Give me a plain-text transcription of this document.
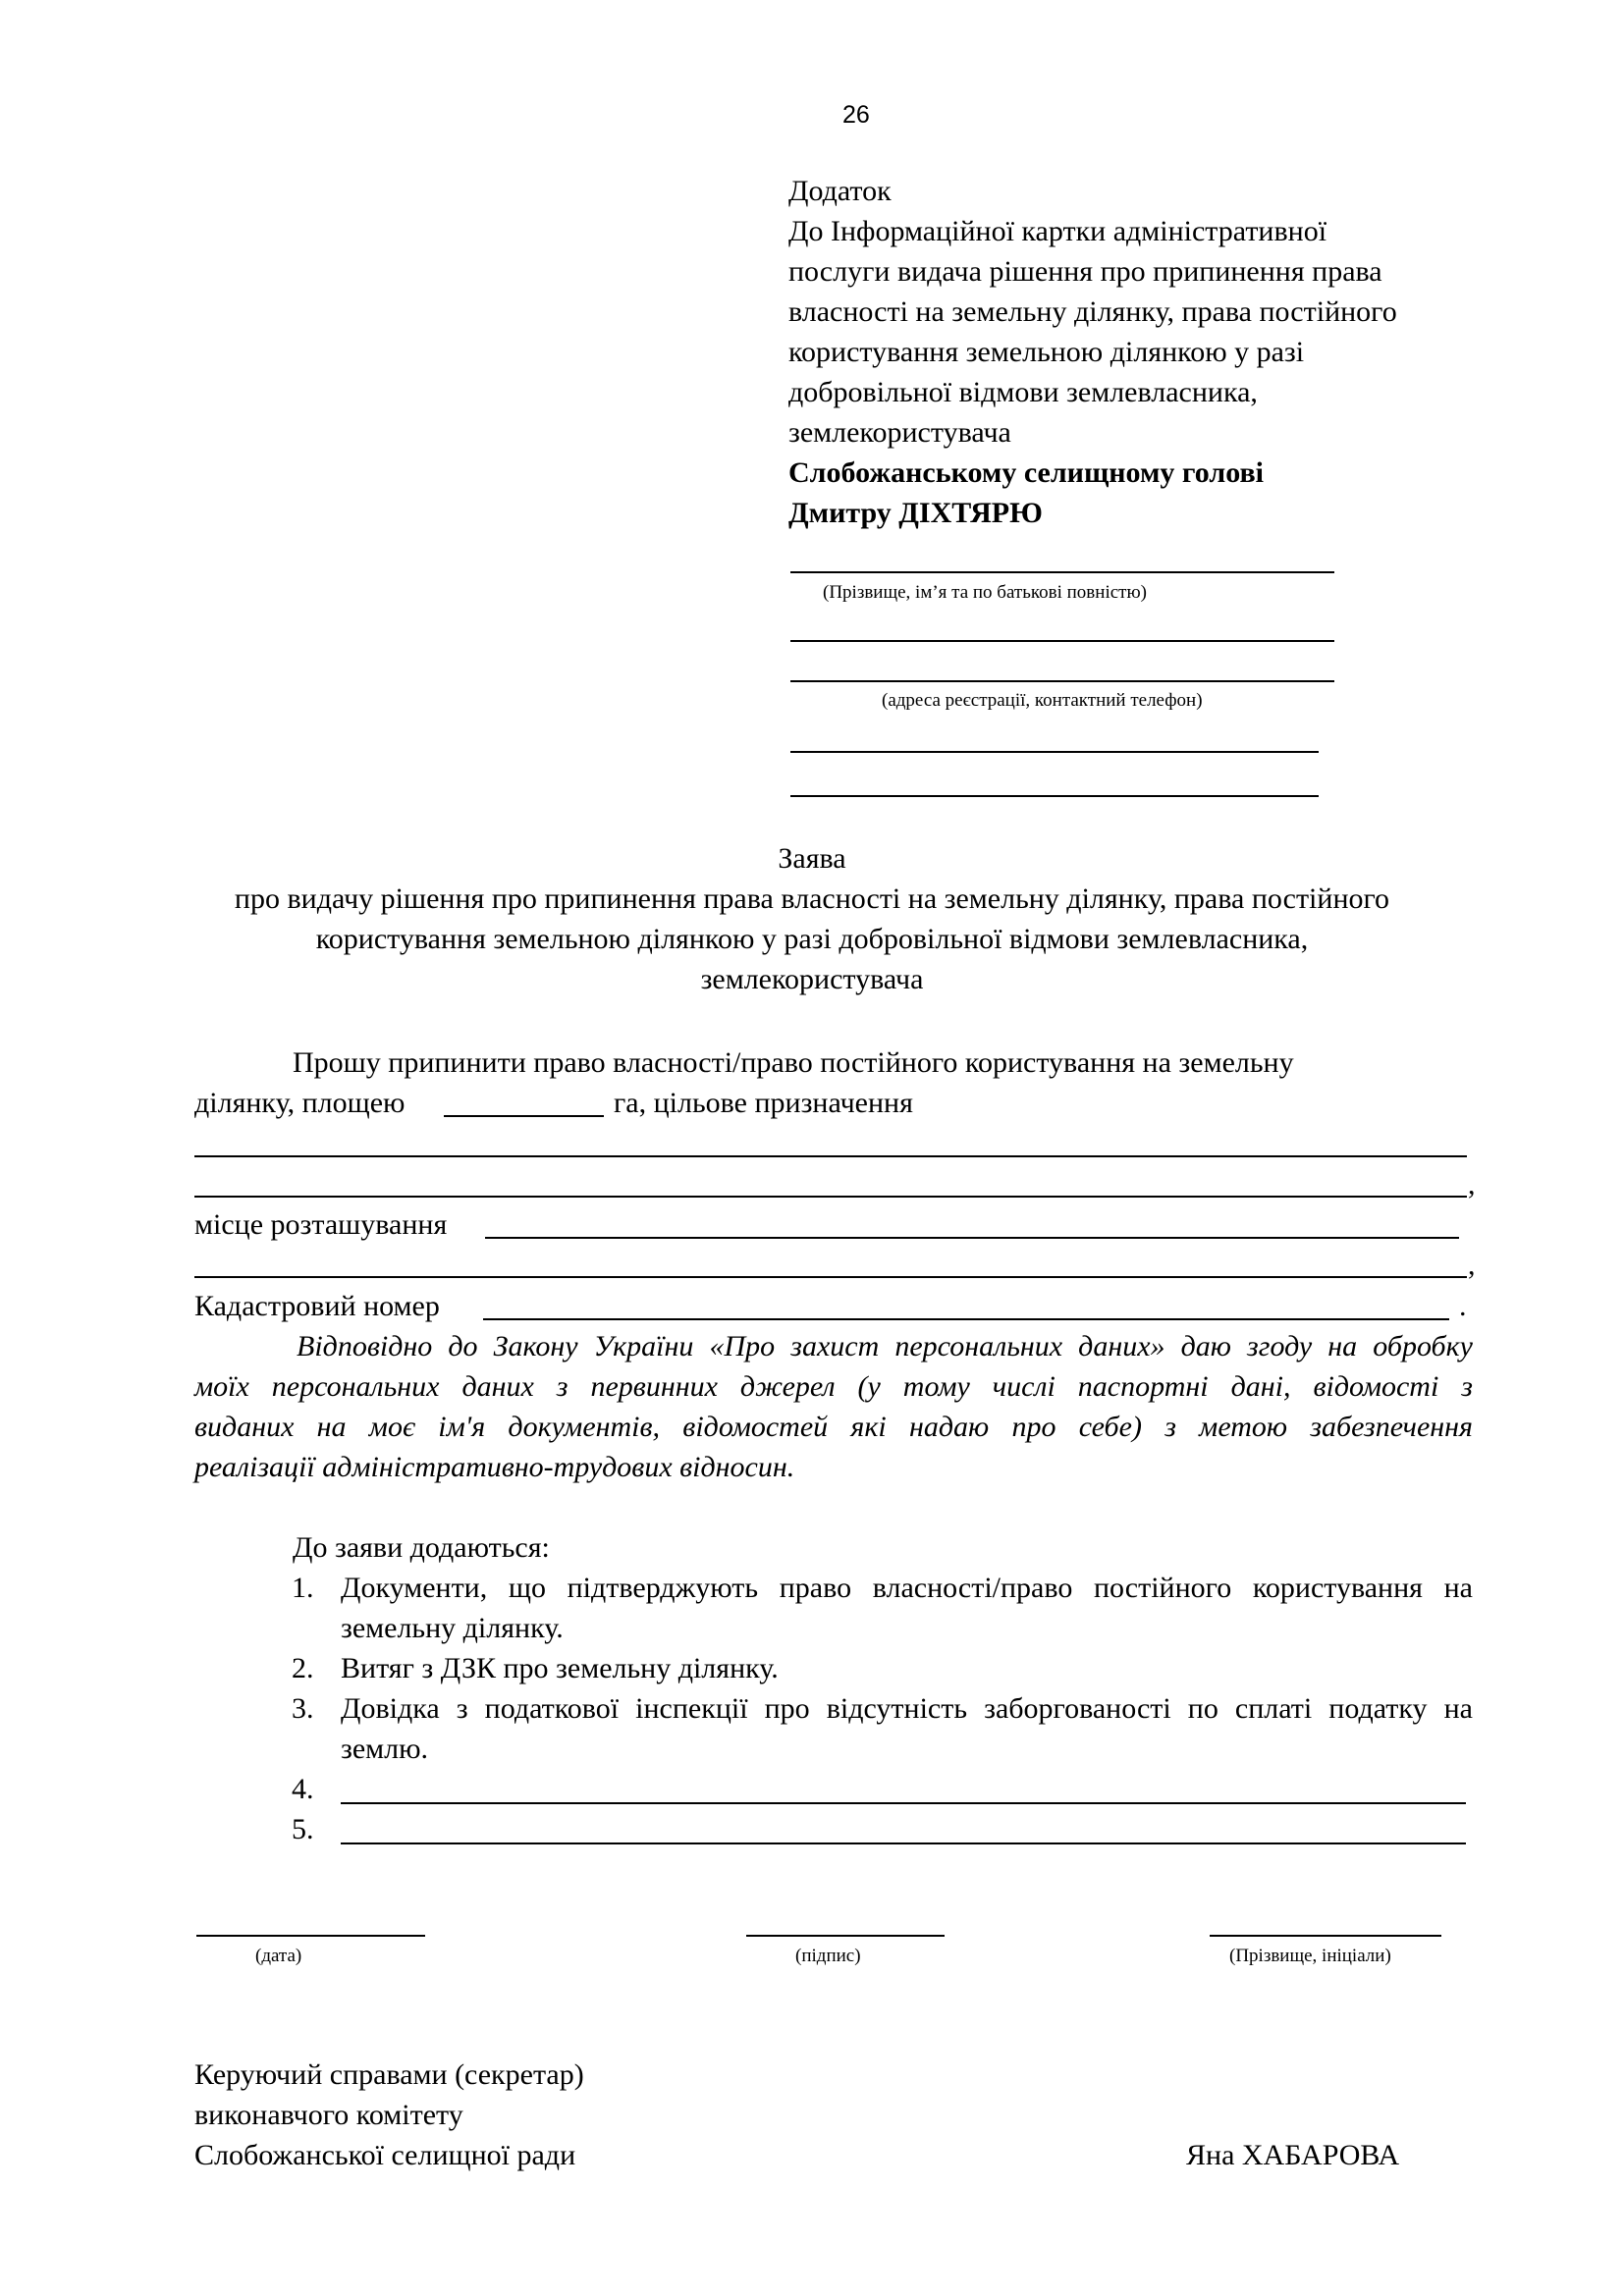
26
Додаток
До Інформаційної картки адміністративної
послуги видача рішення про припинення права
власності на земельну ділянку, права постійного
користування земельною ділянкою у разі
добровільної відмови землевласника,
землекористувача
Слобожанському селищному голові
Дмитру ДІХТЯРЮ
(Прізвище, ім’я та по батькові повністю)
(адреса реєстрації, контактний телефон)
Заява
про видачу рішення про припинення права власності на земельну ділянку, права постійного
користування земельною ділянкою у разі добровільної відмови землевласника,
землекористувача
Прошу припинити право власності/право постійного користування на земельну
ділянку, площею	га, цільове призначення
,
місце розташування
,
Кадастровий номер	.
Відповідно до Закону України «Про захист персональних даних» даю згоду на обробку
моїх персональних даних з первинних джерел (у тому числі паспортні дані, відомості з
виданих на моє ім'я документів, відомостей які надаю про себе) з метою забезпечення
реалізації адміністративно-трудових відносин.
До заяви додаються:
1. Документи, що підтверджують право власності/право постійного користування на
земельну ділянку.
2. Витяг з ДЗК про земельну ділянку.
3. Довідка з податкової інспекції про відсутність заборгованості по сплаті податку на
землю.
4.
5.
(дата)	(підпис)	(Прізвище, ініціали)
Керуючий справами (секретар)
виконавчого комітету
Слобожанської селищної ради	Яна ХАБАРОВА
